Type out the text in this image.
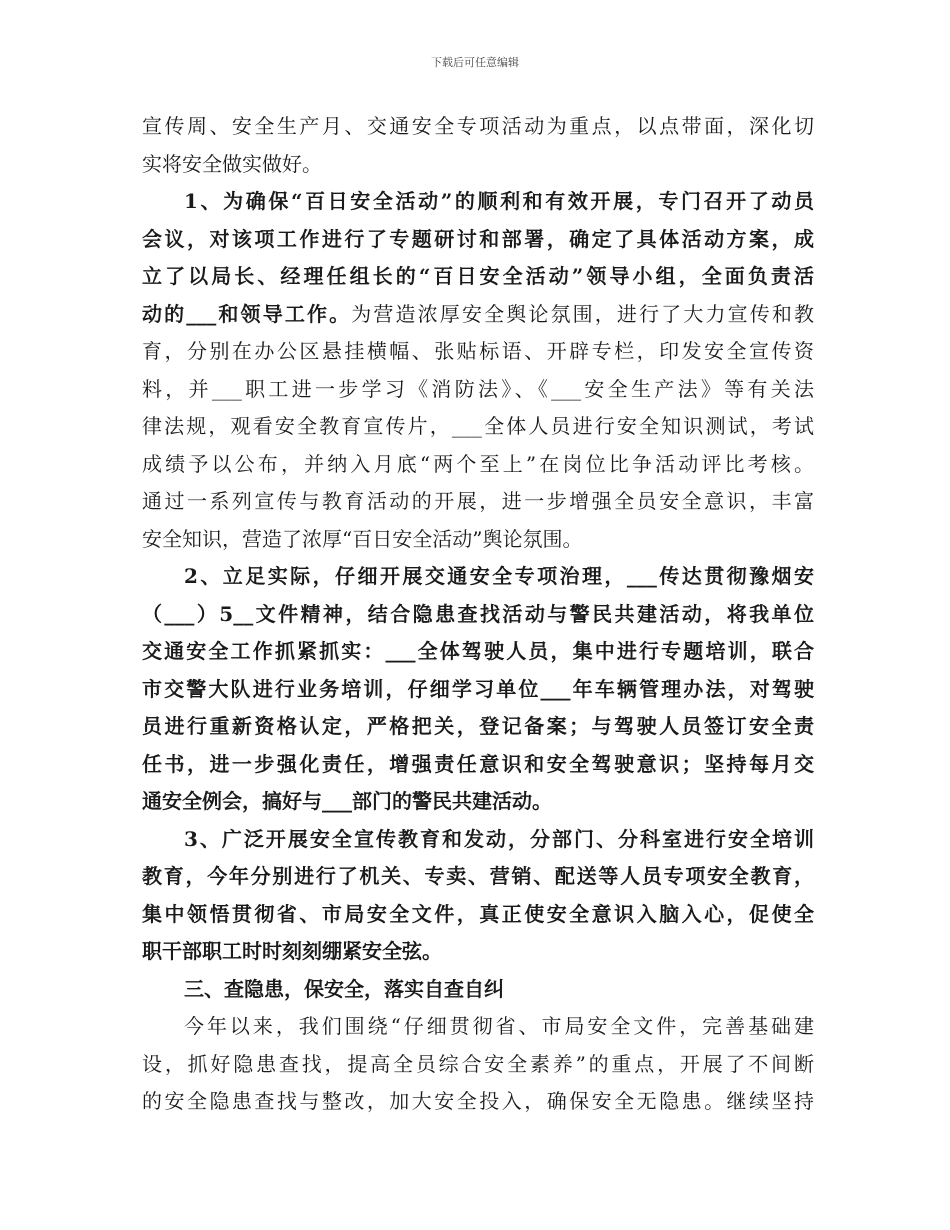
下载后可任意编辑
宣传周、安全生产月、交通安全专项活动为重点，以点带面，深化切
实将安全做实做好。
1、为确保“百日安全活动”的顺利和有效开展，专门召开了动员
会议，对该项工作进行了专题研讨和部署，确定了具体活动方案，成
立了以局长、经理任组长的“百日安全活动”领导小组，全面负责活
动的___和领导工作。为营造浓厚安全舆论氛围，进行了大力宣传和教
育，分别在办公区悬挂横幅、张贴标语、开辟专栏，印发安全宣传资
料，并___职工进一步学习《消防法》、《___安全生产法》等有关法
律法规，观看安全教育宣传片，___全体人员进行安全知识测试，考试
成绩予以公布，并纳入月底“两个至上”在岗位比争活动评比考核。
通过一系列宣传与教育活动的开展，进一步增强全员安全意识，丰富
安全知识，营造了浓厚“百日安全活动”舆论氛围。
2、立足实际，仔细开展交通安全专项治理，___传达贯彻豫烟安
（___）5__文件精神，结合隐患查找活动与警民共建活动，将我单位
交通安全工作抓紧抓实：___全体驾驶人员，集中进行专题培训，联合
市交警大队进行业务培训，仔细学习单位___年车辆管理办法，对驾驶
员进行重新资格认定，严格把关，登记备案；与驾驶人员签订安全责
任书，进一步强化责任，增强责任意识和安全驾驶意识；坚持每月交
通安全例会，搞好与___部门的警民共建活动。
3、广泛开展安全宣传教育和发动，分部门、分科室进行安全培训
教育，今年分别进行了机关、专卖、营销、配送等人员专项安全教育，
集中领悟贯彻省、市局安全文件，真正使安全意识入脑入心，促使全
职干部职工时时刻刻绷紧安全弦。
三、查隐患，保安全，落实自查自纠
今年以来，我们围绕“仔细贯彻省、市局安全文件，完善基础建
设，抓好隐患查找，提高全员综合安全素养”的重点，开展了不间断
的安全隐患查找与整改，加大安全投入，确保安全无隐患。继续坚持
